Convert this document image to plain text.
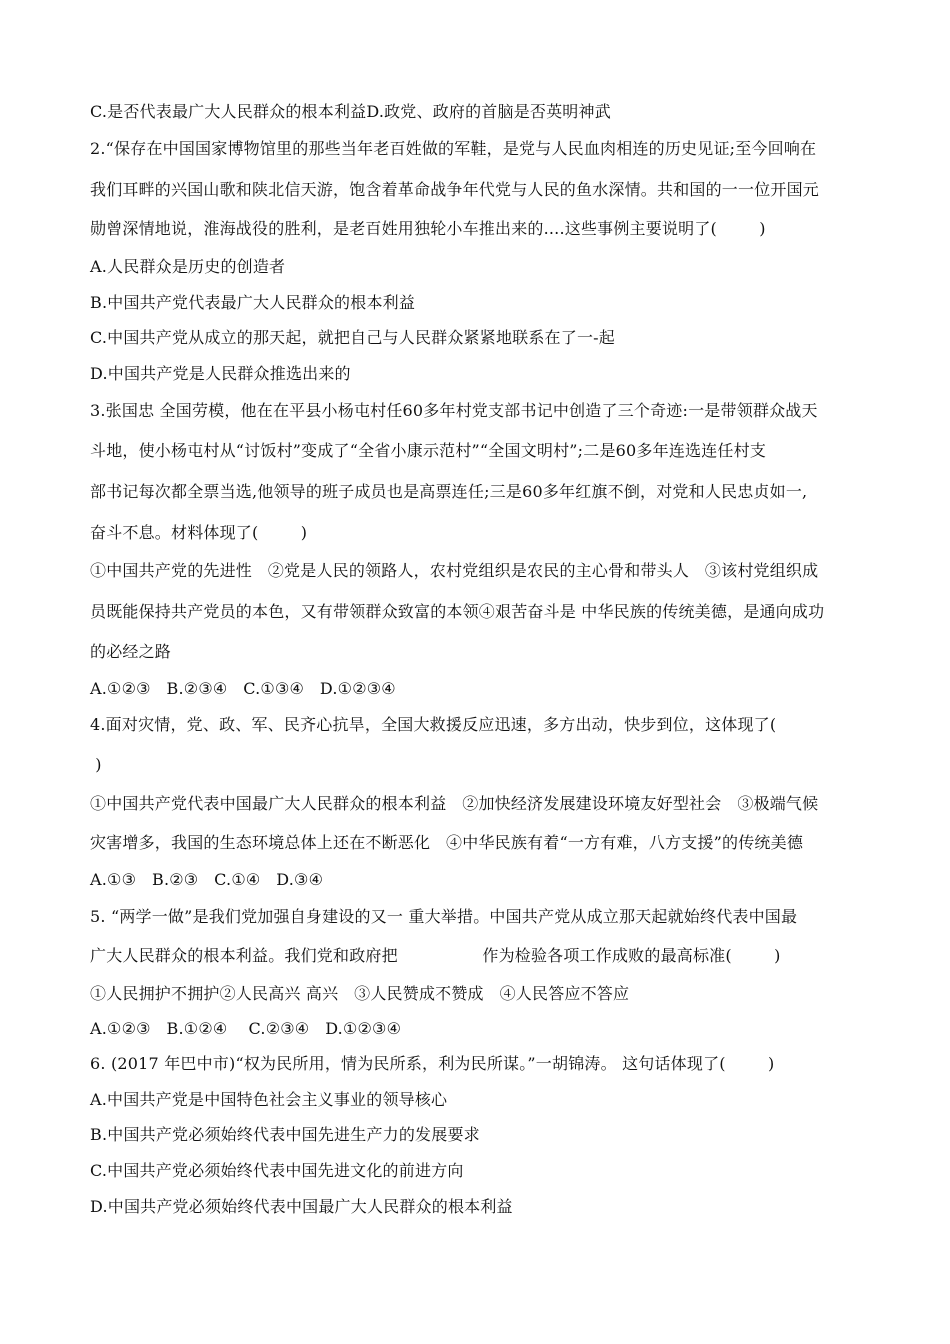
C.是否代表最广大人民群众的根本利益D.政党、政府的首脑是否英明神武
2.“保存在中国国家博物馆里的那些当年老百姓做的军鞋，是党与人民血肉相连的历史见证;至今回响在
我们耳畔的兴国山歌和陕北信天游，饱含着革命战争年代党与人民的鱼水深情。共和国的一一位开国元
勋曾深情地说，淮海战役的胜利，是老百姓用独轮小车推出来的....这些事例主要说明了(        )
A.人民群众是历史的创造者
B.中国共产党代表最广大人民群众的根本利益
C.中国共产党从成立的那天起，就把自己与人民群众紧紧地联系在了一-起
D.中国共产党是人民群众推选出来的
3.张国忠 全国劳模，他在在平县小杨屯村任60多年村党支部书记中创造了三个奇迹:一是带领群众战天
斗地，使小杨屯村从“讨饭村”变成了“全省小康示范村”“全国文明村”;二是60多年连选连任村支
部书记每次都全票当选,他领导的班子成员也是高票连任;三是60多年红旗不倒，对党和人民忠贞如一,
奋斗不息。材料体现了(        )
①中国共产党的先进性   ②党是人民的领路人，农村党组织是农民的主心骨和带头人   ③该村党组织成
员既能保持共产党员的本色，又有带领群众致富的本领④艰苦奋斗是 中华民族的传统美德，是通向成功
的必经之路
A.①②③   B.②③④   C.①③④   D.①②③④
4.面对灾情，党、政、军、民齐心抗旱，全国大救援反应迅速，多方出动，快步到位，这体现了(
)
①中国共产党代表中国最广大人民群众的根本利益   ②加快经济发展建设环境友好型社会   ③极端气候
灾害增多，我国的生态环境总体上还在不断恶化   ④中华民族有着“一方有难，八方支援”的传统美德
A.①③   B.②③   C.①④   D.③④
5. “两学一做”是我们党加强自身建设的又一 重大举措。中国共产党从成立那天起就始终代表中国最
广大人民群众的根本利益。我们党和政府把                作为检验各项工作成败的最高标准(        )
①人民拥护不拥护②人民高兴 高兴   ③人民赞成不赞成   ④人民答应不答应
A.①②③   B.①②④    C.②③④   D.①②③④
6. (2017 年巴中市)“权为民所用，情为民所系，利为民所谋。”一胡锦涛。 这句话体现了(        )
A.中国共产党是中国特色社会主义事业的领导核心
B.中国共产党必须始终代表中国先进生产力的发展要求
C.中国共产党必须始终代表中国先进文化的前进方向
D.中国共产党必须始终代表中国最广大人民群众的根本利益
